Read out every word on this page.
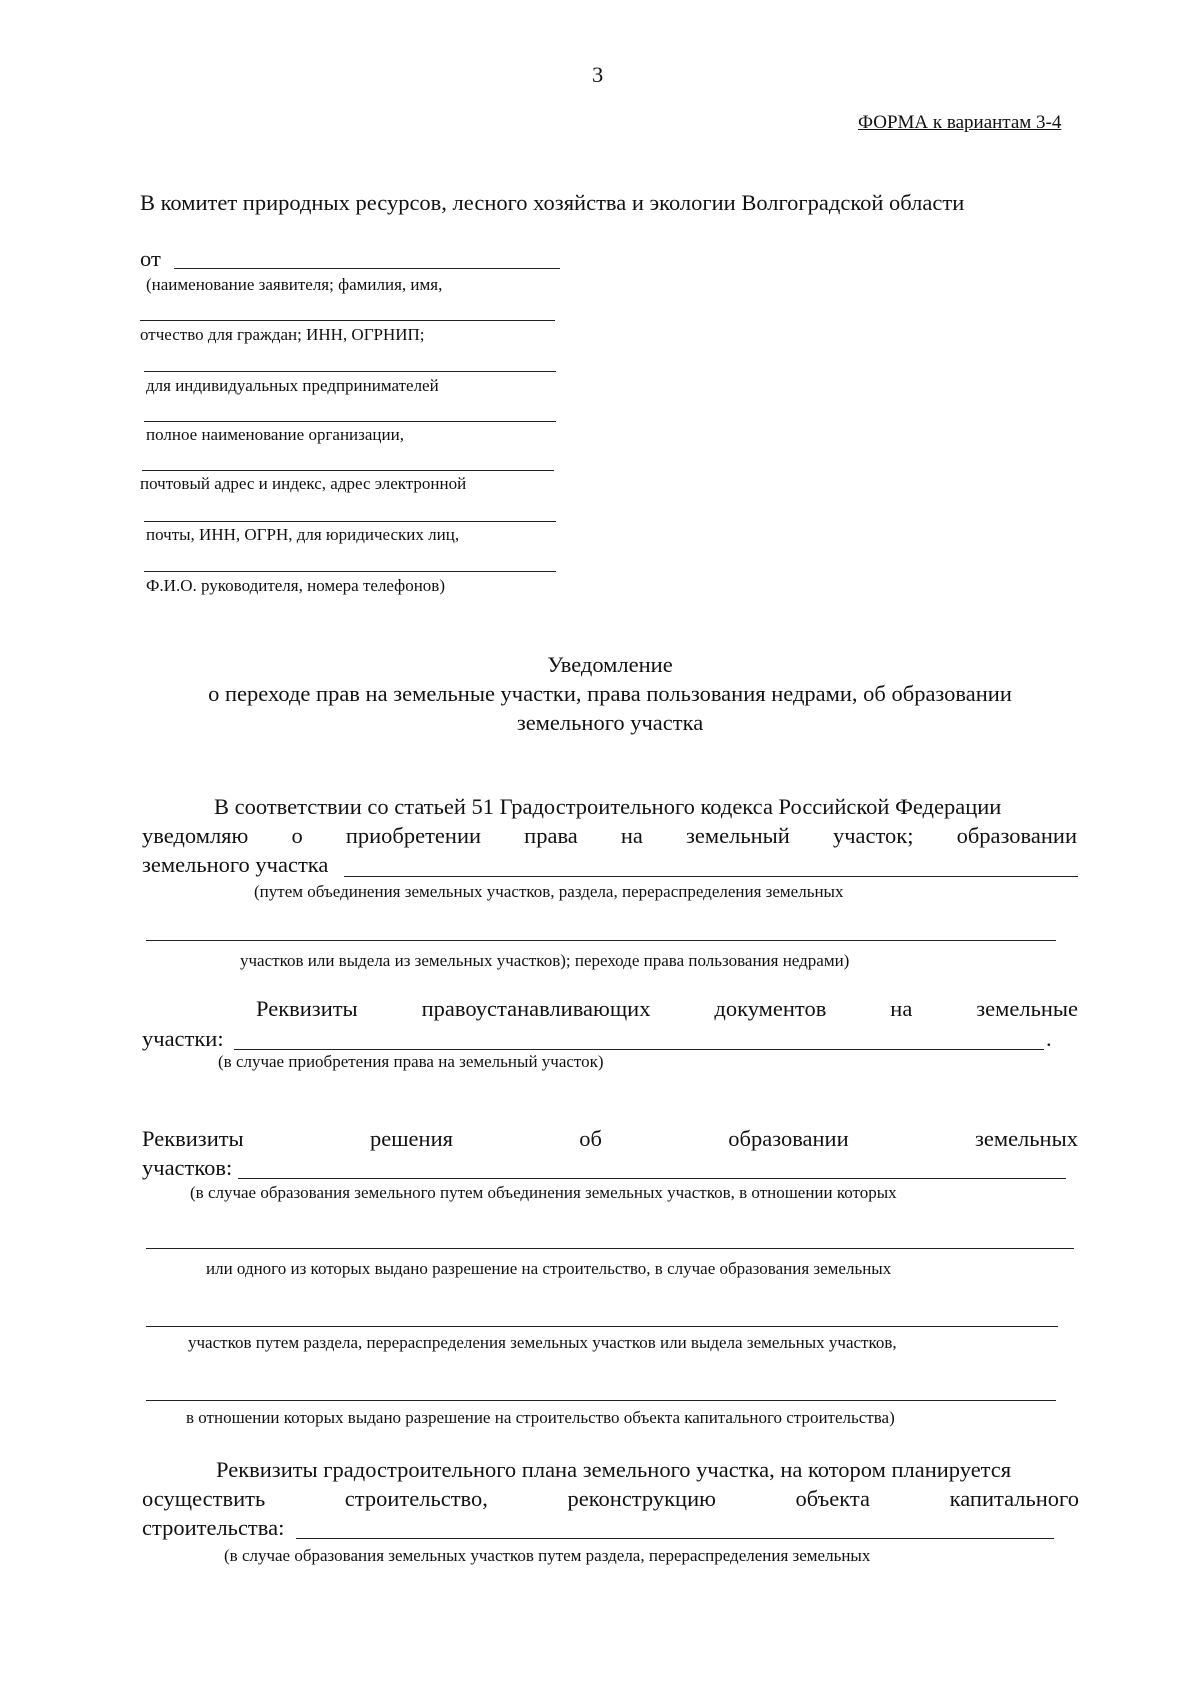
3
ФОРМА к вариантам 3-4
В комитет природных ресурсов, лесного хозяйства и экологии Волгоградской области
от
(наименование заявителя; фамилия, имя,
отчество для граждан; ИНН, ОГРНИП;
для индивидуальных предпринимателей
полное наименование организации,
почтовый адрес и индекс, адрес электронной
почты, ИНН, ОГРН, для юридических лиц,
Ф.И.О. руководителя, номера телефонов)
Уведомление
о переходе прав на земельные участки, права пользования недрами, об образовании
земельного участка
В соответствии со статьей 51 Градостроительного кодекса Российской Федерации
уведомляю о приобретении права на земельный участок; образовании
земельного участка
(путем объединения земельных участков, раздела, перераспределения земельных
участков или выдела из земельных участков); переходе права пользования недрами)
Реквизиты	правоустанавливающих	документов	на	земельные
участки:	.
(в случае приобретения права на земельный участок)
Реквизиты	решения	об	образовании	земельных
участков:
(в случае образования земельного путем объединения земельных участков, в отношении которых
или одного из которых выдано разрешение на строительство, в случае образования земельных
участков путем раздела, перераспределения земельных участков или выдела земельных участков,
в отношении которых выдано разрешение на строительство объекта капитального строительства)
Реквизиты градостроительного плана земельного участка, на котором планируется
осуществить	строительство,	реконструкцию	объекта	капитального
строительства:
(в случае образования земельных участков путем раздела, перераспределения земельных
